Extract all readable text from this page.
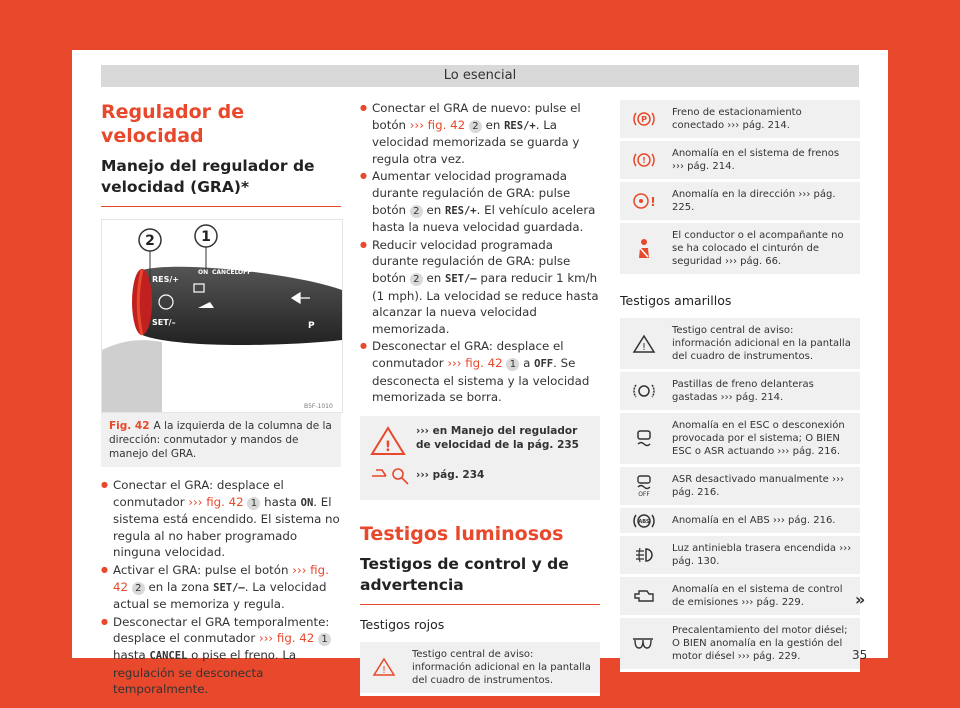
Lo esencial
Regulador de velocidad
Manejo del regulador de velocidad (GRA)*
2	1
RES/+
ON CANCEL OFF
SET/–	P
B5F-1010
Fig. 42 A la izquierda de la columna de la dirección: conmutador y mandos de manejo del GRA.
● Conectar el GRA: desplace el conmutador ››› fig. 42 1 hasta ON. El sistema está encendido. El sistema no regula al no haber programado ninguna velocidad.
● Activar el GRA: pulse el botón ››› fig. 42 2 en la zona SET/–. La velocidad actual se memoriza y regula.
● Desconectar el GRA temporalmente: desplace el conmutador ››› fig. 42 1 hasta CANCEL o pise el freno. La regulación se desconecta temporalmente.
● Conectar el GRA de nuevo: pulse el botón ››› fig. 42 2 en RES/+. La velocidad memorizada se guarda y regula otra vez.
● Aumentar velocidad programada durante regulación de GRA: pulse botón 2 en RES/+. El vehículo acelera hasta la nueva velocidad guardada.
● Reducir velocidad programada durante regulación de GRA: pulse botón 2 en SET/– para reducir 1 km/h (1 mph). La velocidad se reduce hasta alcanzar la nueva velocidad memorizada.
● Desconectar el GRA: desplace el conmutador ››› fig. 42 1 a OFF. Se desconecta el sistema y la velocidad memorizada se borra.
!
››› en Manejo del regulador de velocidad de la pág. 235
››› pág. 234
Testigos luminosos
Testigos de control y de advertencia
Testigos rojos
!
Testigo central de aviso: información adicional en la pantalla del cuadro de instrumentos.
P
Freno de estacionamiento conectado ››› pág. 214.
!
Anomalía en el sistema de frenos ››› pág. 214.
!
Anomalía en la dirección ››› pág. 225.
El conductor o el acompañante no se ha colocado el cinturón de seguridad ››› pág. 66.
Testigos amarillos
!
Testigo central de aviso: información adicional en la pantalla del cuadro de instrumentos.
Pastillas de freno delanteras gastadas ››› pág. 214.
Anomalía en el ESC o desconexión provocada por el sistema; O BIEN ESC o ASR actuando ››› pág. 216.
OFF
ASR desactivado manualmente ››› pág. 216.
ABS	Anomalía en el ABS ››› pág. 216.
Luz antiniebla trasera encendida ››› pág. 130.
Anomalía en el sistema de control de emisiones ››› pág. 229.
Precalentamiento del motor diésel; O BIEN anomalía en la gestión del motor diésel ››› pág. 229.
»
35
